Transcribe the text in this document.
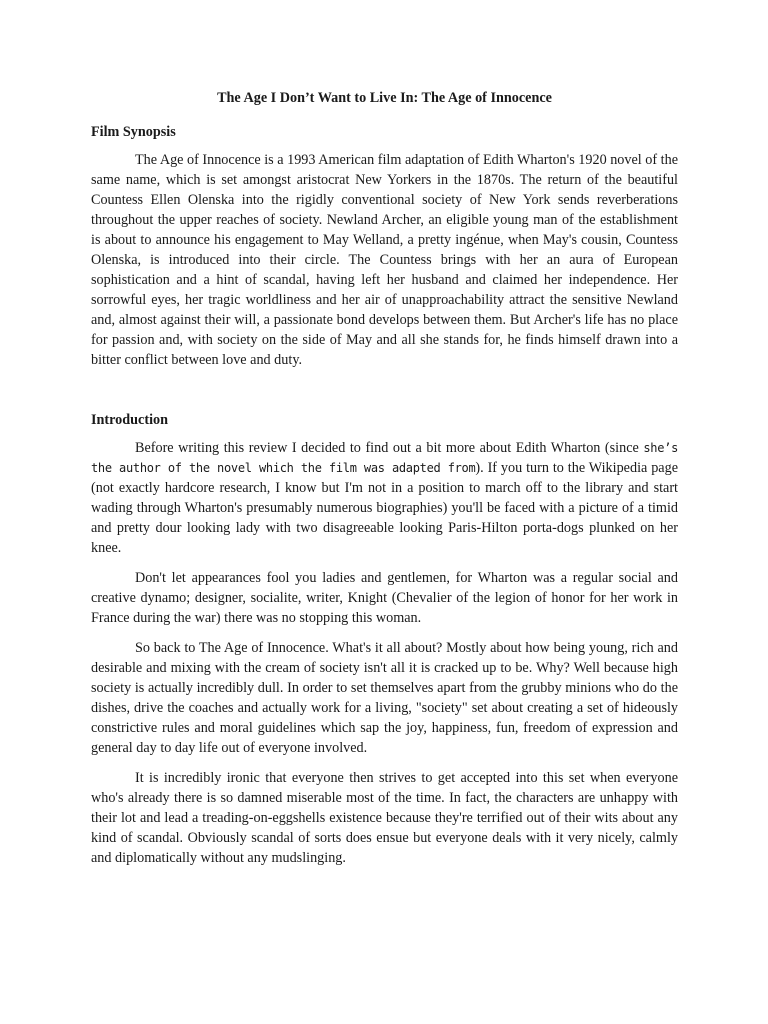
The Age I Don’t Want to Live In: The Age of Innocence
Film Synopsis

The Age of Innocence is a 1993 American film adaptation of Edith Wharton's 1920 novel of the same name, which is set amongst aristocrat New Yorkers in the 1870s. The return of the beautiful Countess Ellen Olenska into the rigidly conventional society of New York sends reverberations throughout the upper reaches of society. Newland Archer, an eligible young man of the establishment is about to announce his engagement to May Welland, a pretty ingénue, when May's cousin, Countess Olenska, is introduced into their circle. The Countess brings with her an aura of European sophistication and a hint of scandal, having left her husband and claimed her independence. Her sorrowful eyes, her tragic worldliness and her air of unapproachability attract the sensitive Newland and, almost against their will, a passionate bond develops between them. But Archer's life has no place for passion and, with society on the side of May and all she stands for, he finds himself drawn into a bitter conflict between love and duty.

Introduction

Before writing this review I decided to find out a bit more about Edith Wharton (since she’s the author of the novel which the film was adapted from). If you turn to the Wikipedia page (not exactly hardcore research, I know but I'm not in a position to march off to the library and start wading through Wharton's presumably numerous biographies) you'll be faced with a picture of a timid and pretty dour looking lady with two disagreeable looking Paris-Hilton porta-dogs plunked on her knee.

Don't let appearances fool you ladies and gentlemen, for Wharton was a regular social and creative dynamo; designer, socialite, writer, Knight (Chevalier of the legion of honor for her work in France during the war) there was no stopping this woman.

So back to The Age of Innocence. What's it all about? Mostly about how being young, rich and desirable and mixing with the cream of society isn't all it is cracked up to be. Why? Well because high society is actually incredibly dull. In order to set themselves apart from the grubby minions who do the dishes, drive the coaches and actually work for a living, "society" set about creating a set of hideously constrictive rules and moral guidelines which sap the joy, happiness, fun, freedom of expression and general day to day life out of everyone involved.

It is incredibly ironic that everyone then strives to get accepted into this set when everyone who's already there is so damned miserable most of the time. In fact, the characters are unhappy with their lot and lead a treading-on-eggshells existence because they're terrified out of their wits about any kind of scandal. Obviously scandal of sorts does ensue but everyone deals with it very nicely, calmly and diplomatically without any mudslinging.
